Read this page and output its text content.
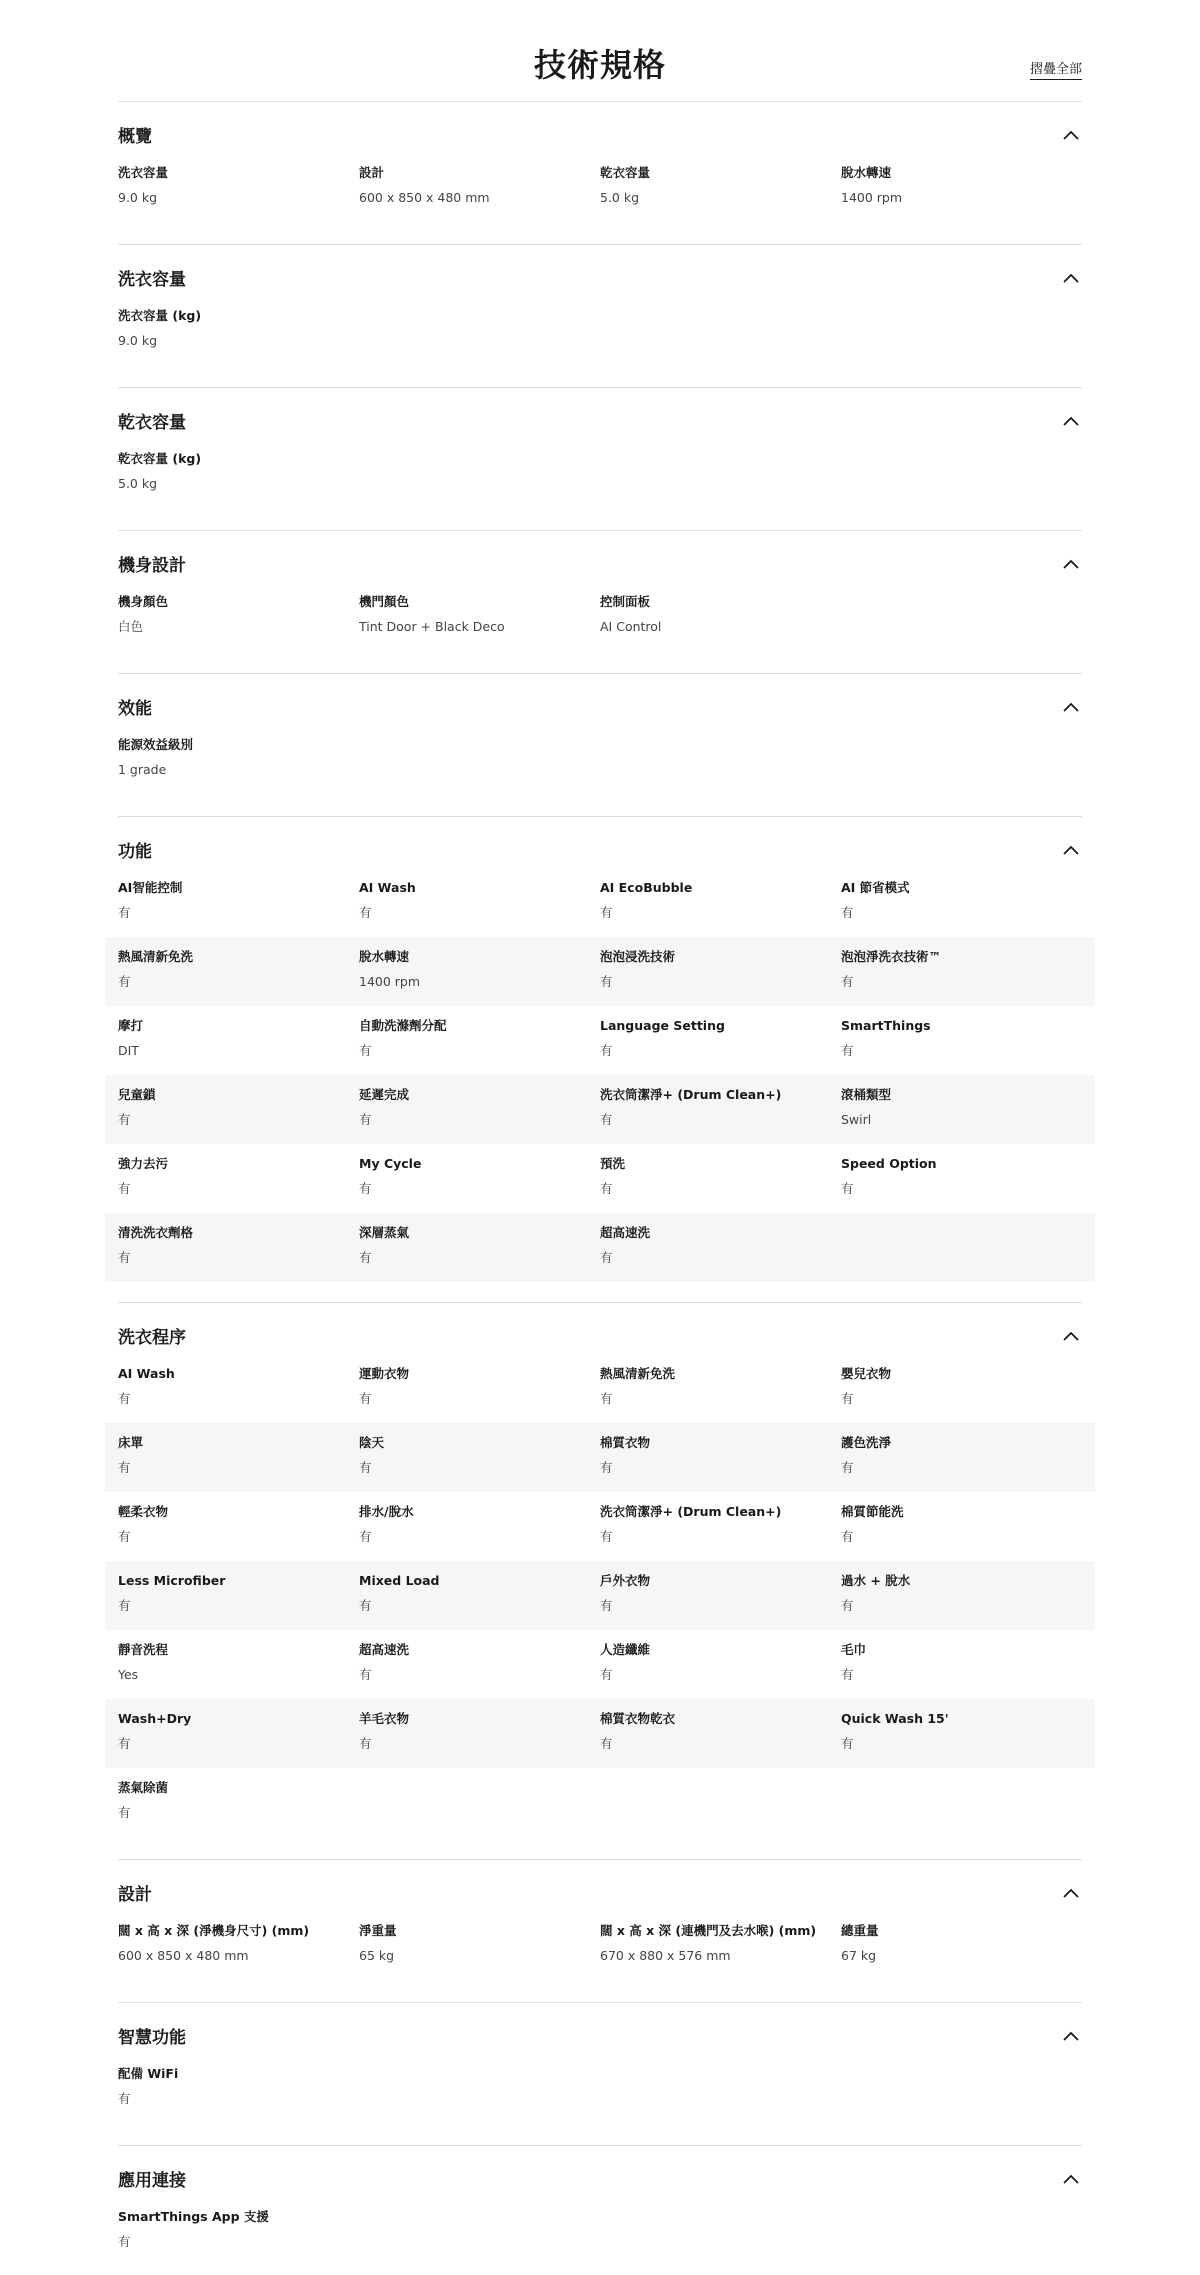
技術規格	摺疊全部
概覽
洗衣容量
9.0 kg
設計
600 x 850 x 480 mm
乾衣容量
5.0 kg
脫水轉速
1400 rpm
洗衣容量
洗衣容量 (kg)
9.0 kg
乾衣容量
乾衣容量 (kg)
5.0 kg
機身設計
機身顏色
白色
機門顏色
Tint Door + Black Deco
控制面板
AI Control
效能
能源效益級別
1 grade
功能
AI智能控制
有
AI Wash
有
AI EcoBubble
有
AI 節省模式
有
熱風清新免洗
有
脫水轉速
1400 rpm
泡泡浸洗技術
有
泡泡淨洗衣技術™
有
摩打
DIT
自動洗滌劑分配
有
Language Setting
有
SmartThings
有
兒童鎖
有
延遲完成
有
洗衣筒潔淨+ (Drum Clean+)
有
滾桶類型
Swirl
強力去污
有
My Cycle
有
預洗
有
Speed Option
有
清洗洗衣劑格
有
深層蒸氣
有
超高速洗
有
洗衣程序
AI Wash
有
運動衣物
有
熱風清新免洗
有
嬰兒衣物
有
床單
有
陰天
有
棉質衣物
有
護色洗淨
有
輕柔衣物
有
排水/脫水
有
洗衣筒潔淨+ (Drum Clean+)
有
棉質節能洗
有
Less Microfiber
有
Mixed Load
有
戶外衣物
有
過水 + 脫水
有
靜音洗程
Yes
超高速洗
有
人造纖維
有
毛巾
有
Wash+Dry
有
羊毛衣物
有
棉質衣物乾衣
有
Quick Wash 15'
有
蒸氣除菌
有
設計
闊 x 高 x 深 (淨機身尺寸) (mm)
600 x 850 x 480 mm
淨重量
65 kg
闊 x 高 x 深 (連機門及去水喉) (mm)
670 x 880 x 576 mm
總重量
67 kg
智慧功能
配備 WiFi
有
應用連接
SmartThings App 支援
有
